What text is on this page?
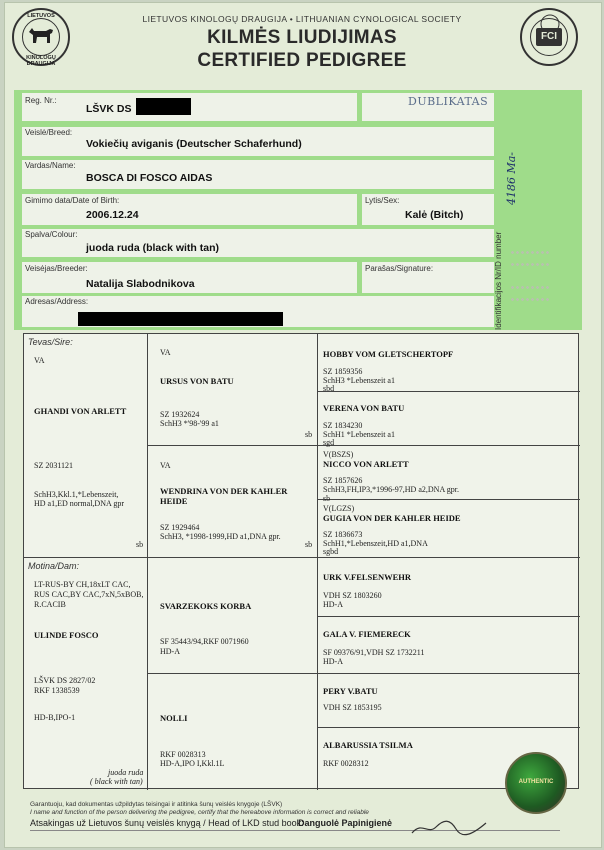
LIETUVOS
KINOLOGŲ DRAUGIJA
FCI
LIETUVOS KINOLOGŲ DRAUGIJA • LITHUANIAN CYNOLOGICAL SOCIETY
KILMĖS LIUDIJIMAS
CERTIFIED PEDIGREE
Reg. Nr.:
LŠVK DS
DUBLIKATAS
Veislė/Breed:
Vokiečių aviganis (Deutscher Schaferhund)
Vardas/Name:
BOSCA DI FOSCO AIDAS
Gimimo data/Date of Birth:
2006.12.24
Lytis/Sex:
Kalė (Bitch)
Spalva/Colour:
juoda ruda (black with tan)
Veisėjas/Breeder:
Natalija Slabodnikova
Parašas/Signature:
Adresas/Address:	Identifikacijos Nr/ID number
4186 Ma-
Tevas/Sire:
VA
GHANDI VON ARLETT
SZ 2031121
SchH3,Kkl.1,*Lebenszeit,
HD a1,ED normal,DNA gpr
sb
VA
URSUS VON BATU
SZ 1932624
SchH3 *'98-'99 a1
sb
VA
WENDRINA VON DER KAHLER
HEIDE
SZ 1929464
SchH3, *1998-1999,HD a1,DNA gpr.
sb
HOBBY VOM GLETSCHERTOPF
SZ 1859356
SchH3 *Lebenszeit a1
sbd
VERENA VON BATU
SZ 1834230
SchH1 *Lebenszeit a1
sgd
V(BSZS)
NICCO VON ARLETT
SZ 1857626
SchH3,FH,IP3,*1996-97,HD a2,DNA gpr.
sb
V(LGZS)
GUGIA VON DER KAHLER HEIDE
SZ 1836673
SchH1,*Lebenszeit,HD a1,DNA
sgbd
Motina/Dam:
LT-RUS-BY CH,18xLT CAC,
RUS CAC,BY CAC,7xN,5xBOB,
R.CACIB
ULINDE FOSCO
LŠVK DS 2827/02
RKF 1338539
HD-B,IPO-1
juoda ruda
( black with tan)
SVARZEKOKS KORBA
SF 35443/94,RKF 0071960
HD-A
NOLLI
RKF 0028313
HD-A,IPO I,Kkl.1L
URK V.FELSENWEHR
VDH SZ 1803260
HD-A
GALA V. FIEMERECK
SF 09376/91,VDH SZ 1732211
HD-A
PERY V.BATU
VDH SZ 1853195
ALBARUSSIA TSILMA
RKF 0028312
AUTHENTIC
Garantuoju, kad dokumentas užpildytas teisingai ir atitinka šunų veislės knygoje (LŠVK)
I name and function of the person delivering the pedigree, certify that the hereabove information is correct and reliable
Atsakingas už Lietuvos šunų veislės knygą / Head of LKD stud book:
Danguolė Papinigienė
